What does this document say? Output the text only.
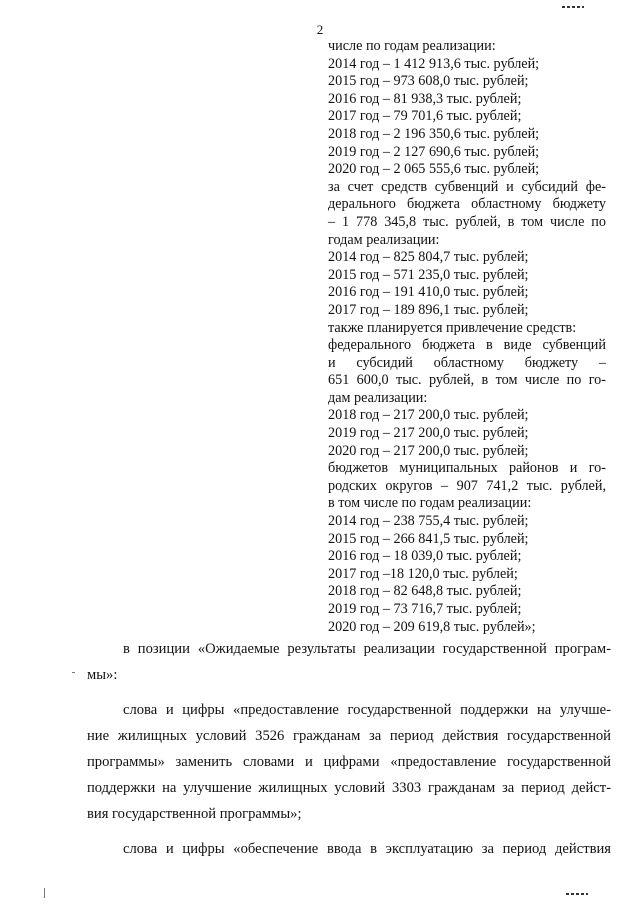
2
числе по годам реализации:
2014 год – 1 412 913,6 тыс. рублей;
2015 год – 973 608,0 тыс. рублей;
2016 год – 81 938,3 тыс. рублей;
2017 год – 79 701,6 тыс. рублей;
2018 год – 2 196 350,6 тыс. рублей;
2019 год – 2 127 690,6 тыс. рублей;
2020 год – 2 065 555,6 тыс. рублей;
за счет средств субвенций и субсидий фе-
дерального бюджета областному бюджету
– 1 778 345,8 тыс. рублей, в том числе по
годам реализации:
2014 год – 825 804,7 тыс. рублей;
2015 год – 571 235,0 тыс. рублей;
2016 год – 191 410,0 тыс. рублей;
2017 год – 189 896,1 тыс. рублей;
также планируется привлечение средств:
федерального бюджета в виде субвенций
и субсидий областному бюджету –
651 600,0 тыс. рублей, в том числе по го-
дам реализации:
2018 год – 217 200,0 тыс. рублей;
2019 год – 217 200,0 тыс. рублей;
2020 год – 217 200,0 тыс. рублей;
бюджетов муниципальных районов и го-
родских округов – 907 741,2 тыс. рублей,
в том числе по годам реализации:
2014 год – 238 755,4 тыс. рублей;
2015 год – 266 841,5 тыс. рублей;
2016 год – 18 039,0 тыс. рублей;
2017 год –18 120,0 тыс. рублей;
2018 год – 82 648,8 тыс. рублей;
2019 год – 73 716,7 тыс. рублей;
2020 год – 209 619,8 тыс. рублей»;
в позиции «Ожидаемые результаты реализации государственной програм-
мы»:
слова и цифры «предоставление государственной поддержки на улучше-
ние жилищных условий 3526 гражданам за период действия государственной
программы» заменить словами и цифрами «предоставление государственной
поддержки на улучшение жилищных условий 3303 гражданам за период дейст-
вия государственной программы»;
слова и цифры «обеспечение ввода в эксплуатацию за период действия
